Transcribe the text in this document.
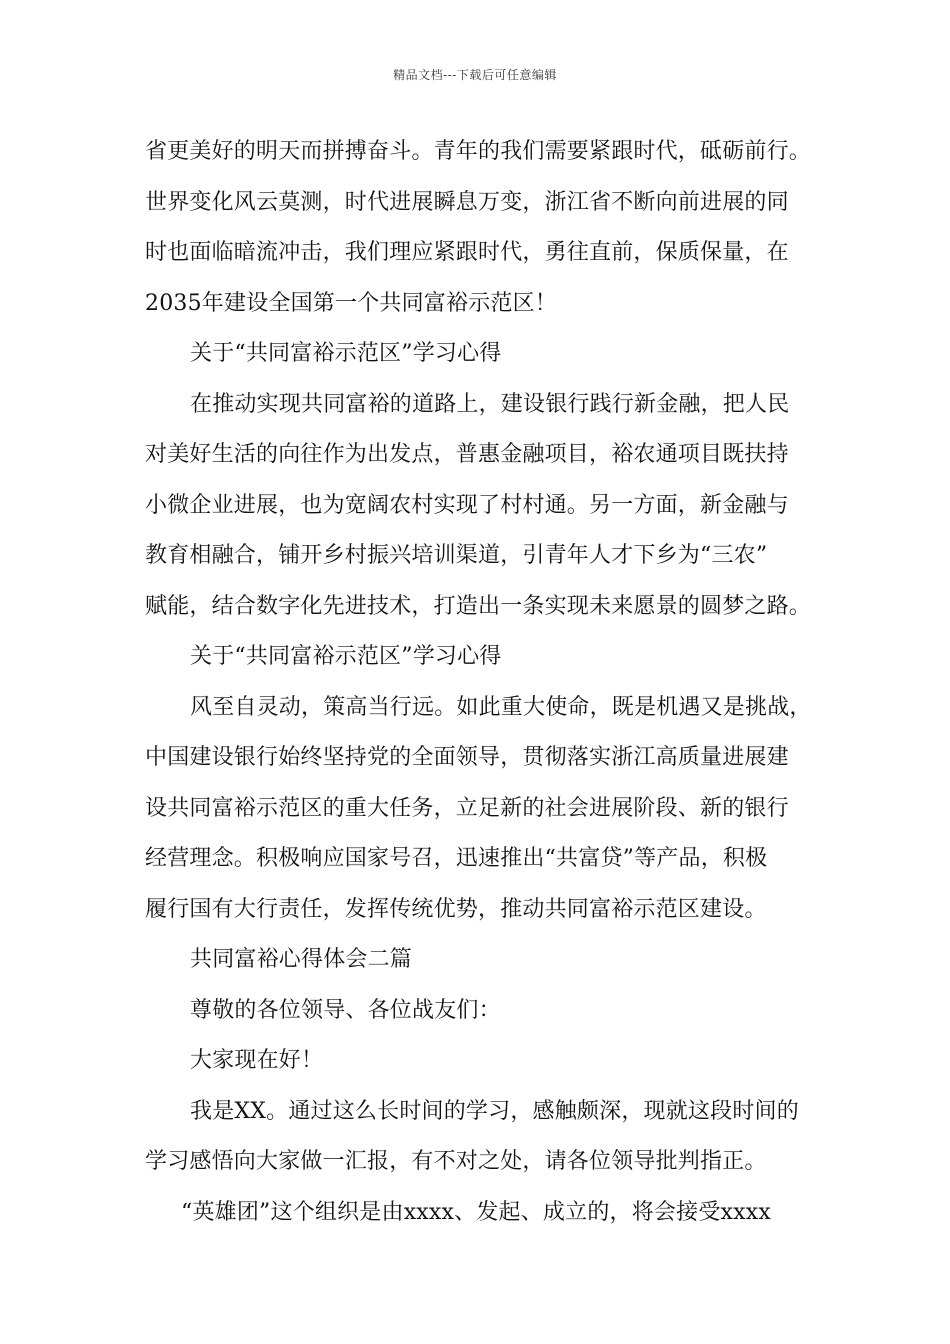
精品文档---下载后可任意编辑
省更美好的明天而拼搏奋斗。青年的我们需要紧跟时代，砥砺前行。
世界变化风云莫测，时代进展瞬息万变，浙江省不断向前进展的同
时也面临暗流冲击，我们理应紧跟时代，勇往直前，保质保量，在
2035年建设全国第一个共同富裕示范区！
关于“共同富裕示范区”学习心得
在推动实现共同富裕的道路上，建设银行践行新金融，把人民
对美好生活的向往作为出发点，普惠金融项目，裕农通项目既扶持
小微企业进展，也为宽阔农村实现了村村通。另一方面，新金融与
教育相融合，铺开乡村振兴培训渠道，引青年人才下乡为“三农”
赋能，结合数字化先进技术，打造出一条实现未来愿景的圆梦之路。
关于“共同富裕示范区”学习心得
风至自灵动，策高当行远。如此重大使命，既是机遇又是挑战，
中国建设银行始终坚持党的全面领导，贯彻落实浙江高质量进展建
设共同富裕示范区的重大任务，立足新的社会进展阶段、新的银行
经营理念。积极响应国家号召，迅速推出“共富贷”等产品，积极
履行国有大行责任，发挥传统优势，推动共同富裕示范区建设。
共同富裕心得体会二篇
尊敬的各位领导、各位战友们：
大家现在好！
我是XX。通过这么长时间的学习，感触颇深，现就这段时间的
学习感悟向大家做一汇报，有不对之处，请各位领导批判指正。
“英雄团”这个组织是由xxxx、发起、成立的，将会接受xxxx
